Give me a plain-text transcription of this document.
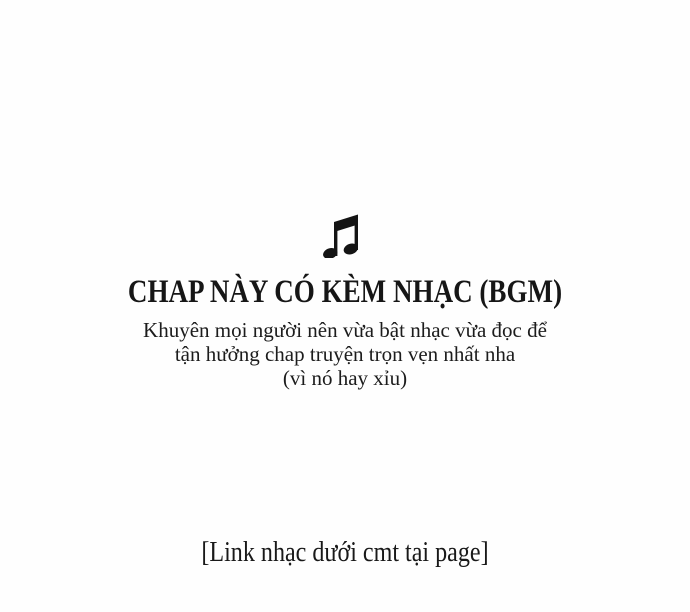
CHAP NÀY CÓ KÈM NHẠC (BGM)

Khuyên mọi người nên vừa bật nhạc vừa đọc để

tận hưởng chap truyện trọn vẹn nhất nha

(vì nó hay xỉu)

[Link nhạc dưới cmt tại page]
